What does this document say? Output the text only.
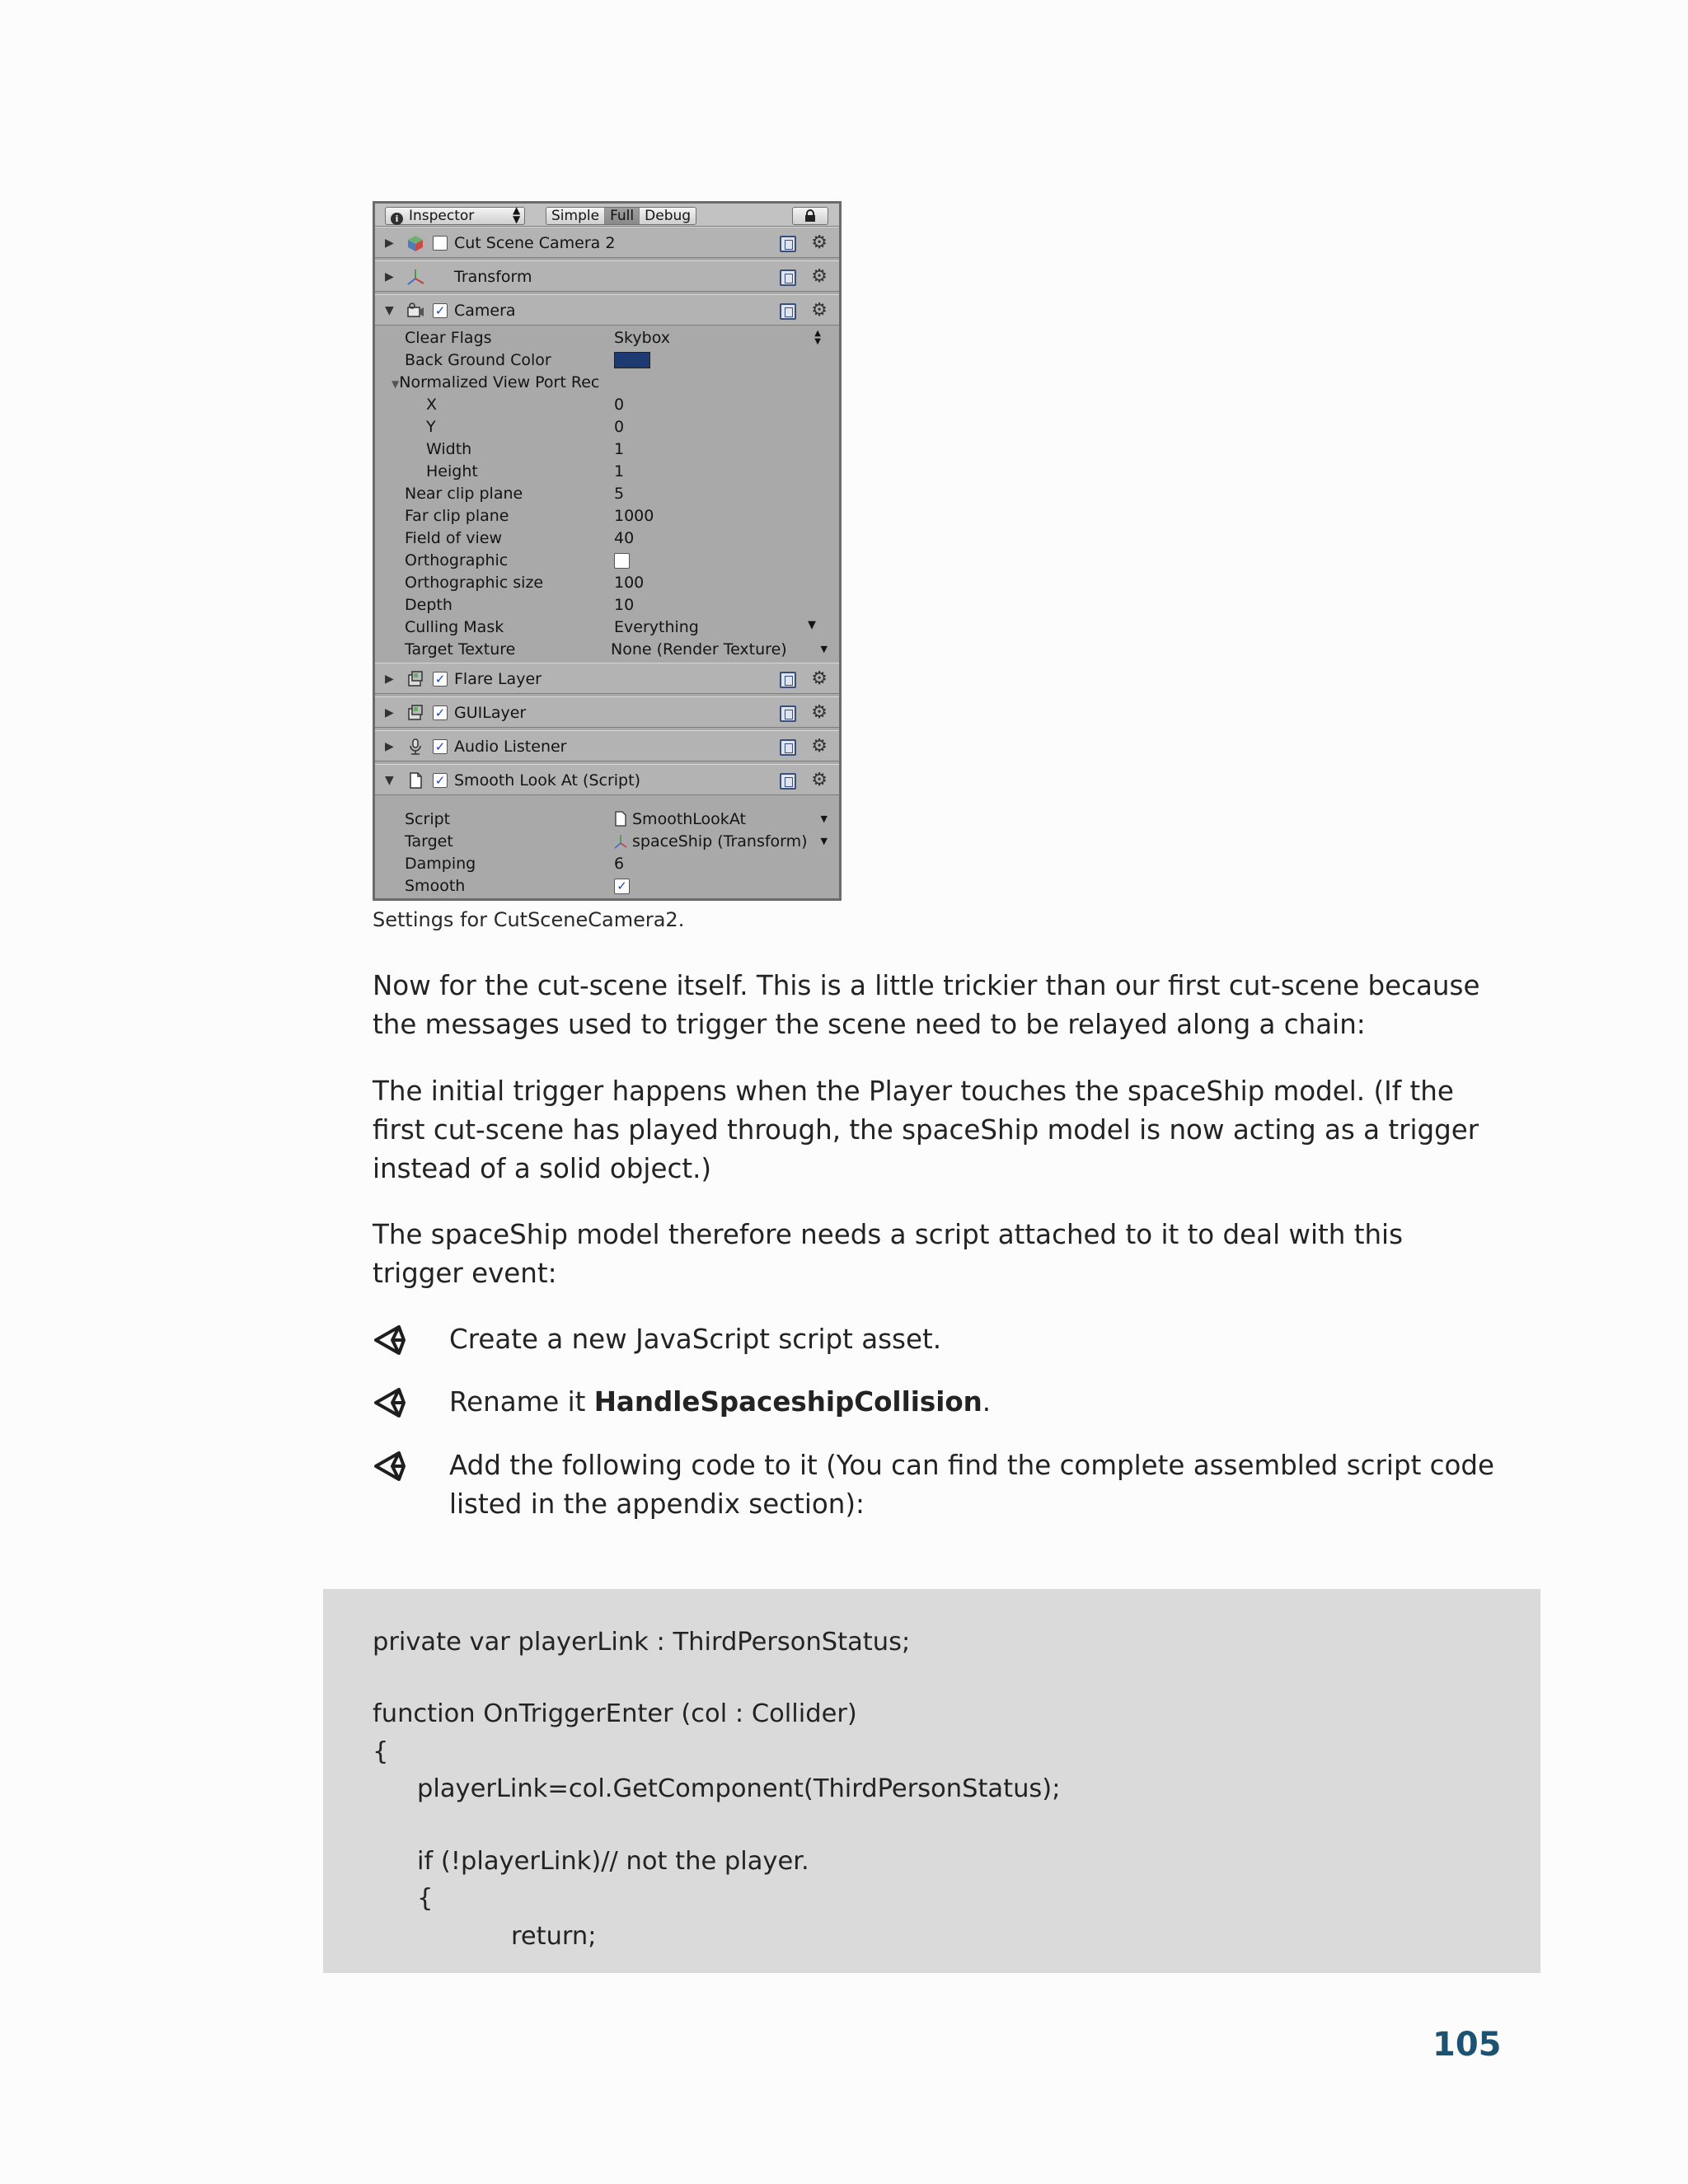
i Inspector	▲
▼	Simple Full Debug
▶	Cut Scene Camera 2	⚙
▶	Transform	⚙
▼	✓ Camera	⚙
Clear Flags	Skybox	▲
▼
Back Ground Color
▼Normalized View Port Rec
X	0
Y	0
Width	1
Height	1
Near clip plane	5
Far clip plane	1000
Field of view	40
Orthographic
Orthographic size	100
Depth	10
Culling Mask	Everything	▼
Target Texture	None (Render Texture)	▼
▶	✓ Flare Layer	⚙
▶	✓ GUILayer	⚙
▶	✓ Audio Listener	⚙
▼	✓ Smooth Look At (Script)	⚙
Script	SmoothLookAt	▼
Target	spaceShip (Transform) ▼
Damping	6
Smooth	✓
Settings for CutSceneCamera2.

Now for the cut-scene itself. This is a little trickier than our first cut-scene because the messages used to trigger the scene need to be relayed along a chain:

The initial trigger happens when the Player touches the spaceShip model. (If the first cut-scene has played through, the spaceShip model is now acting as a trigger instead of a solid object.)

The spaceShip model therefore needs a script attached to it to deal with this trigger event:

Create a new JavaScript script asset.
Rename it HandleSpaceshipCollision.
Add the following code to it (You can find the complete assembled script code listed in the appendix section):
private var playerLink : ThirdPersonStatus;
function OnTriggerEnter (col : Collider)
{
playerLink=col.GetComponent(ThirdPersonStatus);
if (!playerLink)// not the player.
{
return;
105
